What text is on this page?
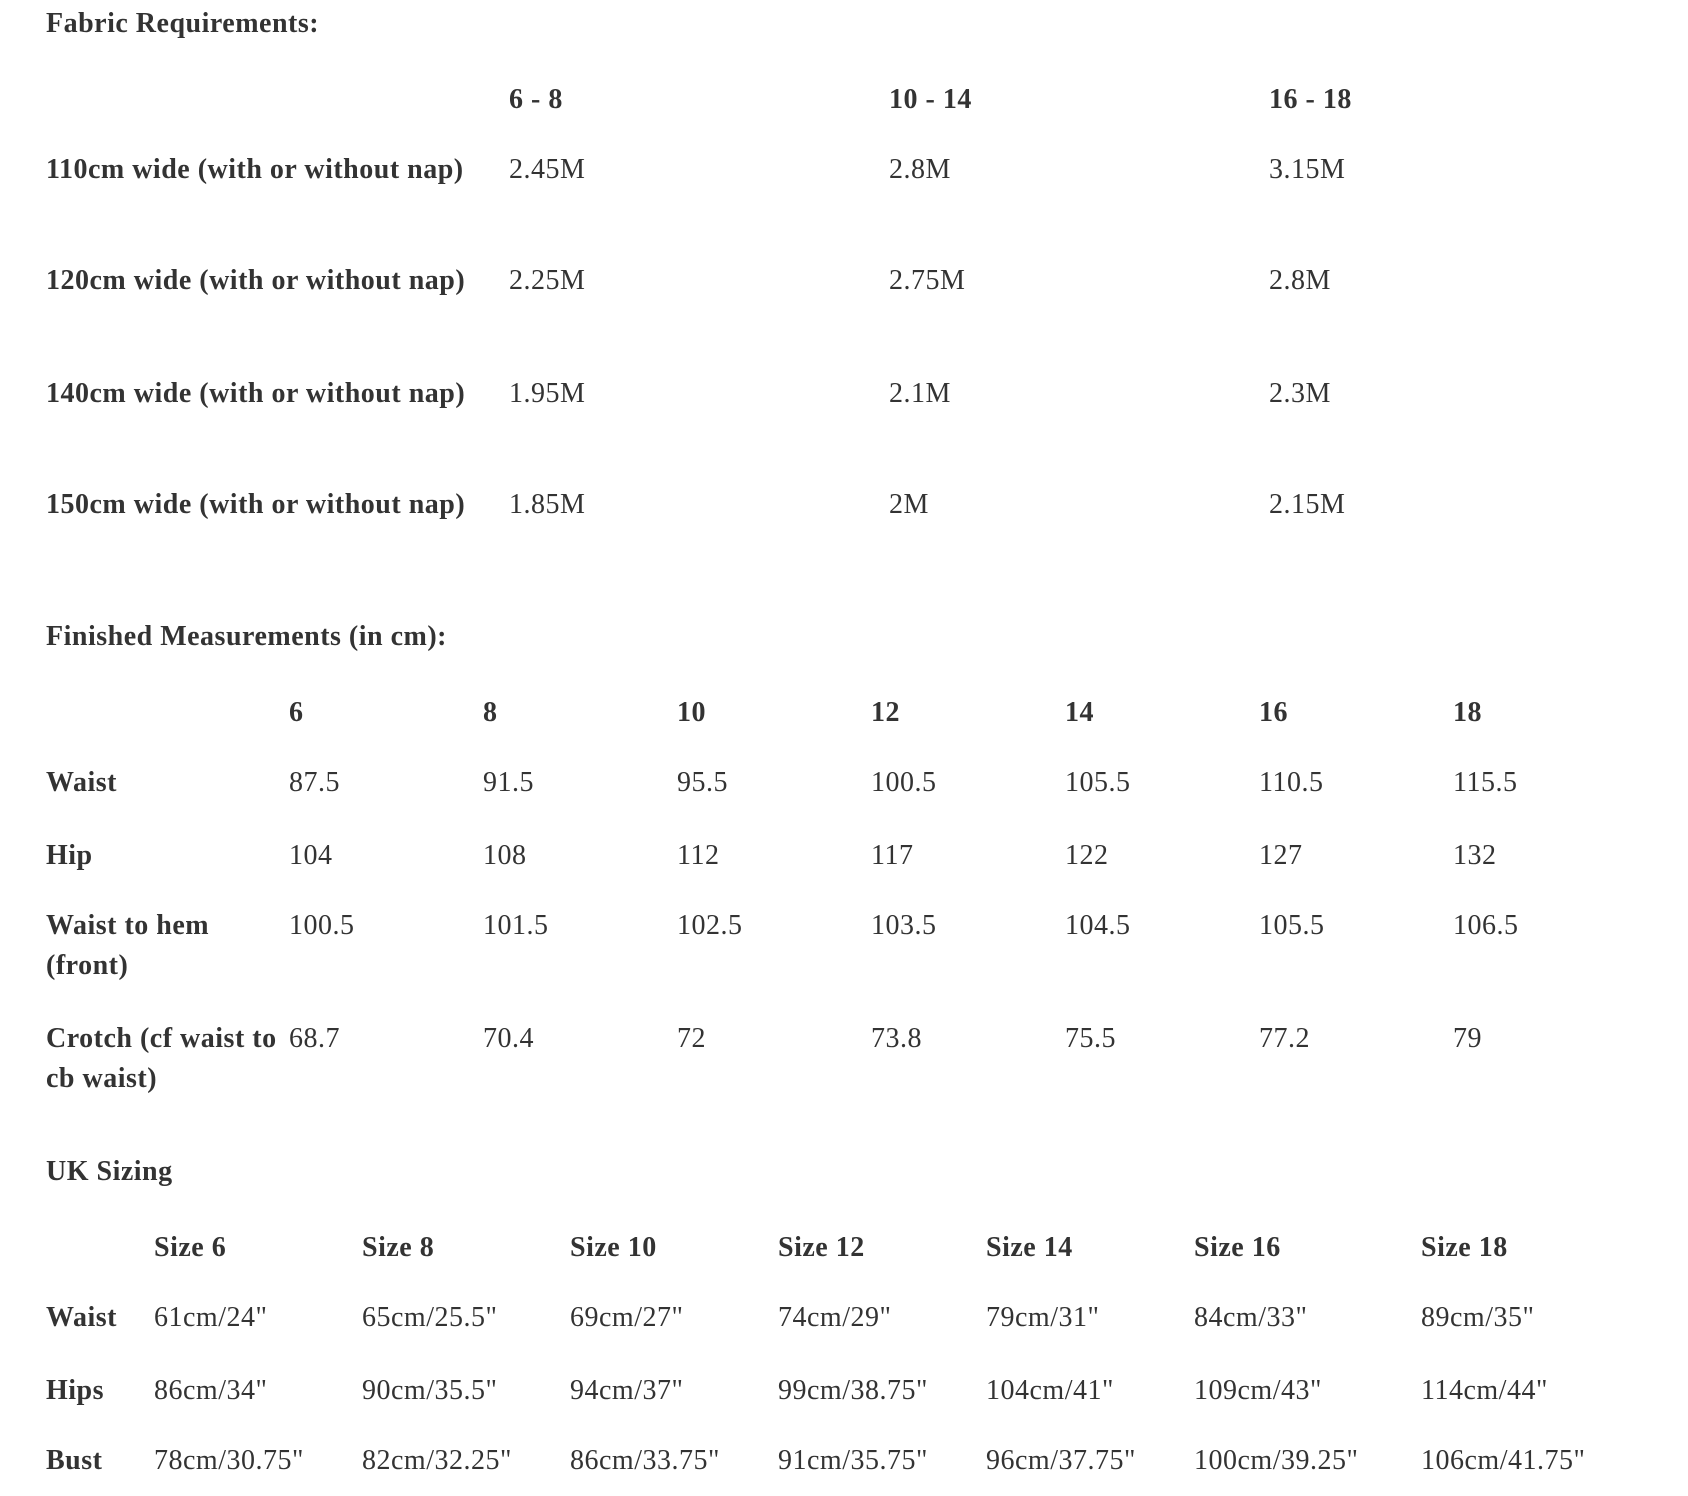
Fabric Requirements:
	6 - 8	10 - 14	16 - 18
110cm wide (with or without nap)	2.45M	2.8M	3.15M
120cm wide (with or without nap)	2.25M	2.75M	2.8M
140cm wide (with or without nap)	1.95M	2.1M	2.3M
150cm wide (with or without nap)	1.85M	2M	2.15M
Finished Measurements (in cm):
	6	8	10	12	14	16	18
Waist	87.5	91.5	95.5	100.5	105.5	110.5	115.5
Hip	104	108	112	117	122	127	132
Waist to hem (front)	100.5	101.5	102.5	103.5	104.5	105.5	106.5
Crotch (cf waist to cb waist)	68.7	70.4	72	73.8	75.5	77.2	79
UK Sizing
	Size 6	Size 8	Size 10	Size 12	Size 14	Size 16	Size 18
Waist	61cm/24"	65cm/25.5"	69cm/27"	74cm/29"	79cm/31"	84cm/33"	89cm/35"
Hips	86cm/34"	90cm/35.5"	94cm/37"	99cm/38.75"	104cm/41"	109cm/43"	114cm/44"
Bust	78cm/30.75"	82cm/32.25"	86cm/33.75"	91cm/35.75"	96cm/37.75"	100cm/39.25"	106cm/41.75"
